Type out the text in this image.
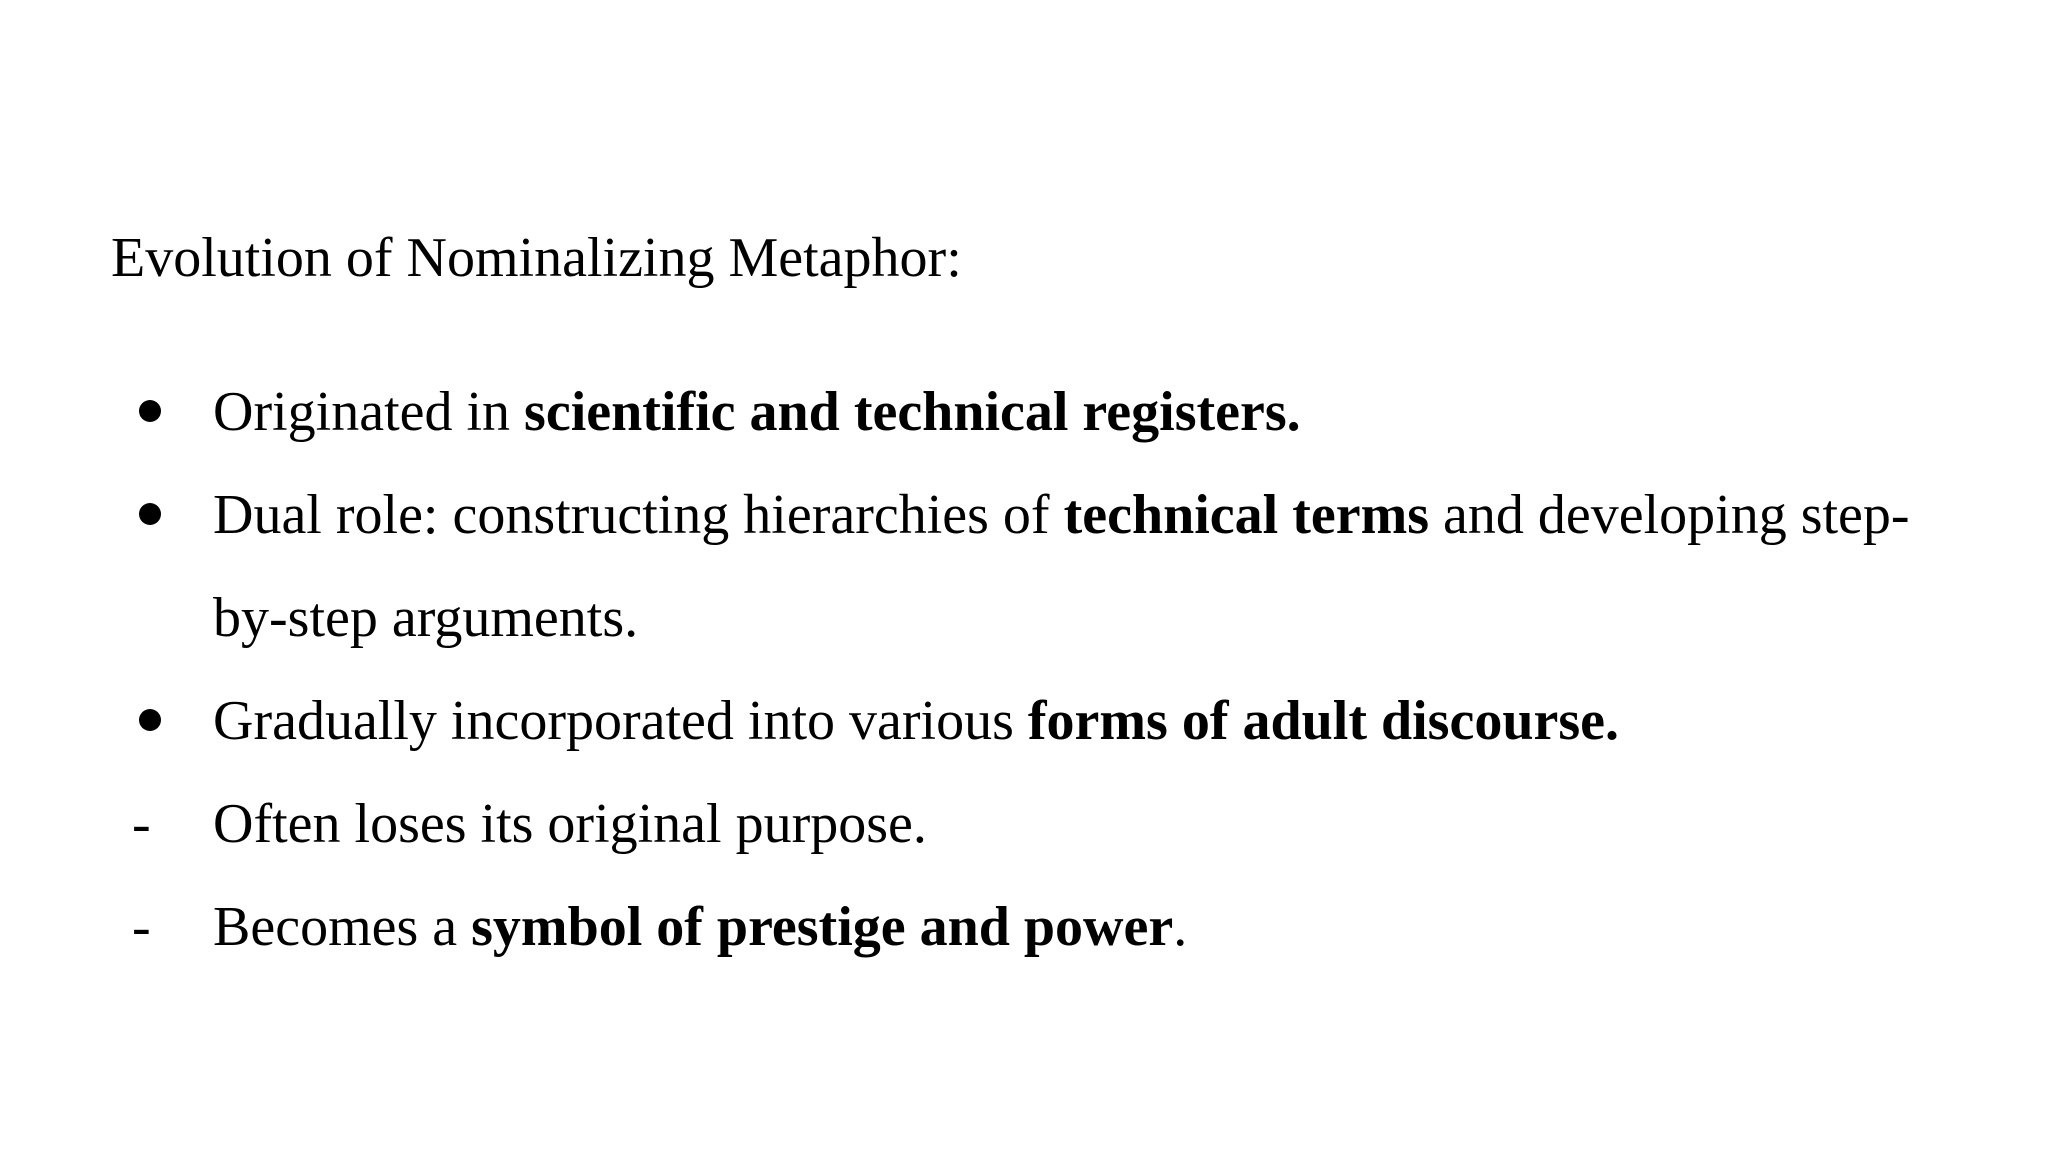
Evolution of Nominalizing Metaphor:
Originated in scientific and technical registers.
Dual role: constructing hierarchies of technical terms and developing step-by-step arguments.
Gradually incorporated into various forms of adult discourse.
-
Often loses its original purpose.
-
Becomes a symbol of prestige and power.
